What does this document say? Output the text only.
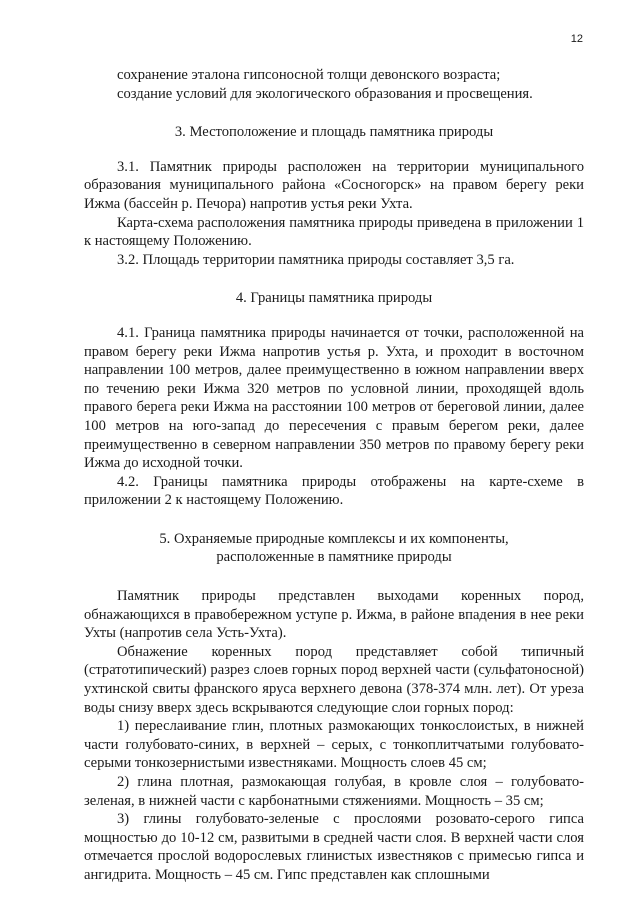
12

сохранение эталона гипсоносной толщи девонского возраста;

создание условий для экологического образования и просвещения.

3. Местоположение и площадь памятника природы

3.1. Памятник природы расположен на территории муниципального образования муниципального района «Сосногорск» на правом берегу реки Ижма (бассейн р. Печора) напротив устья реки Ухта.

Карта-схема расположения памятника природы приведена в приложении 1 к настоящему Положению.

3.2. Площадь территории памятника природы составляет 3,5 га.

4. Границы памятника природы

4.1. Граница памятника природы начинается от точки, расположенной на правом берегу реки Ижма напротив устья р. Ухта, и проходит в восточном направлении 100 метров, далее преимущественно в южном направлении вверх по течению реки Ижма 320 метров по условной линии, проходящей вдоль правого берега реки Ижма на расстоянии 100 метров от береговой линии, далее 100 метров на юго-запад до пересечения с правым берегом реки, далее преимущественно в северном направлении 350 метров по правому берегу реки Ижма до исходной точки.

4.2. Границы памятника природы отображены на карте-схеме в приложении 2 к настоящему Положению.

5. Охраняемые природные комплексы и их компоненты,

расположенные в памятнике природы

Памятник природы представлен выходами коренных пород, обнажающихся в правобережном уступе р. Ижма, в районе впадения в нее реки Ухты (напротив села Усть-Ухта).

Обнажение коренных пород представляет собой типичный (стратотипический) разрез слоев горных пород верхней части (сульфатоносной) ухтинской свиты франского яруса верхнего девона (378-374 млн. лет). От уреза воды снизу вверх здесь вскрываются следующие слои горных пород:

1) переслаивание глин, плотных размокающих тонкослоистых, в нижней части голубовато-синих, в верхней – серых, с тонкоплитчатыми голубовато-серыми тонкозернистыми известняками. Мощность слоев 45 см;

2) глина плотная, размокающая голубая, в кровле слоя – голубовато-зеленая, в нижней части с карбонатными стяжениями. Мощность – 35 см;

3) глины голубовато-зеленые с прослоями розовато-серого гипса мощностью до 10-12 см, развитыми в средней части слоя. В верхней части слоя отмечается прослой водорослевых глинистых известняков с примесью гипса и ангидрита. Мощность – 45 см. Гипс представлен как сплошными
